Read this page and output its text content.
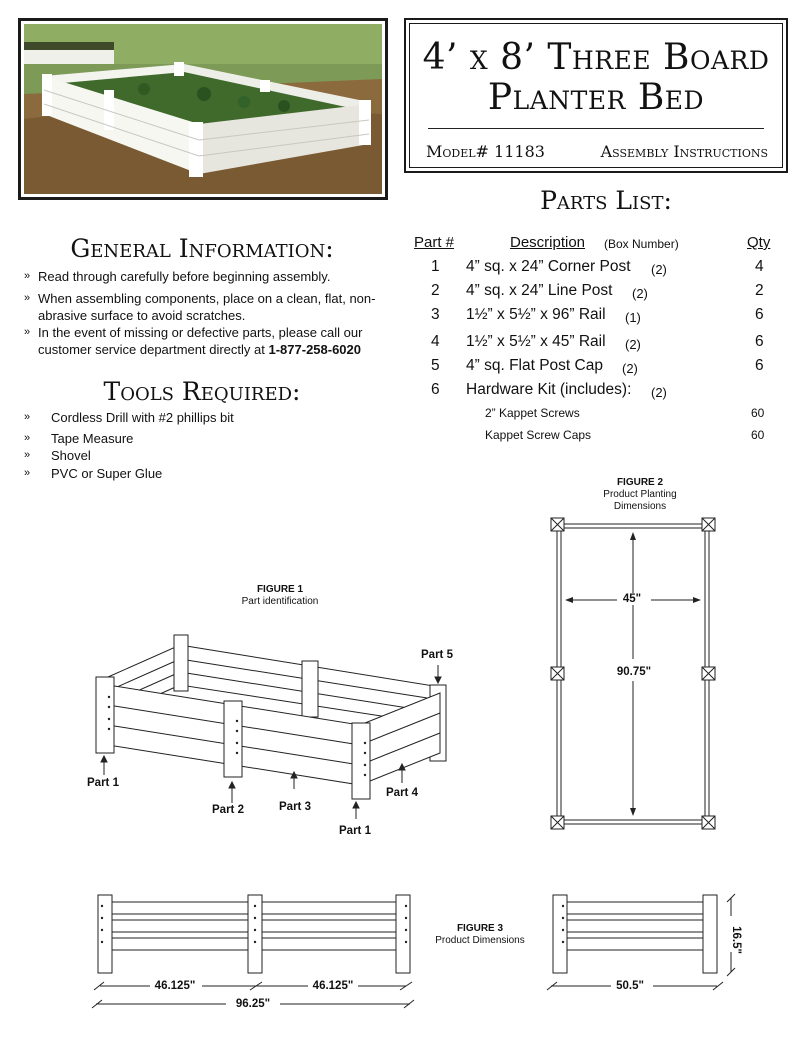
4’ x 8’ Three Board
Planter Bed
Model# 11183	Assembly Instructions
General Information:
» Read through carefully before beginning assembly.
» When assembling components, place on a clean, flat, non-abrasive surface to avoid scratches.
» In the event of missing or defective parts, please call our customer service department directly at 1-877-258-6020
Tools Required:
» Cordless Drill with #2 phillips bit
» Tape Measure
» Shovel
» PVC or Super Glue
Parts List:
Part #	Description (Box Number)	Qty
1 4” sq. x 24” Corner Post (2)	4
2 4” sq. x 24” Line Post (2)	2
3 1½” x 5½” x 96” Rail (1)	6
4 1½” x 5½” x 45” Rail (2)	6
5 4” sq. Flat Post Cap (2)	6
6 Hardware Kit (includes): (2)
2” Kappet Screws	60
Kappet Screw Caps	60
FIGURE 1
Part identification
Part 5
Part 1
Part 2	Part 3
Part 4
Part 1
FIGURE 2
Product Planting
Dimensions
45"
90.75"
FIGURE 3
Product Dimensions
46.125"	46.125"
96.25"
50.5"
16.5"
